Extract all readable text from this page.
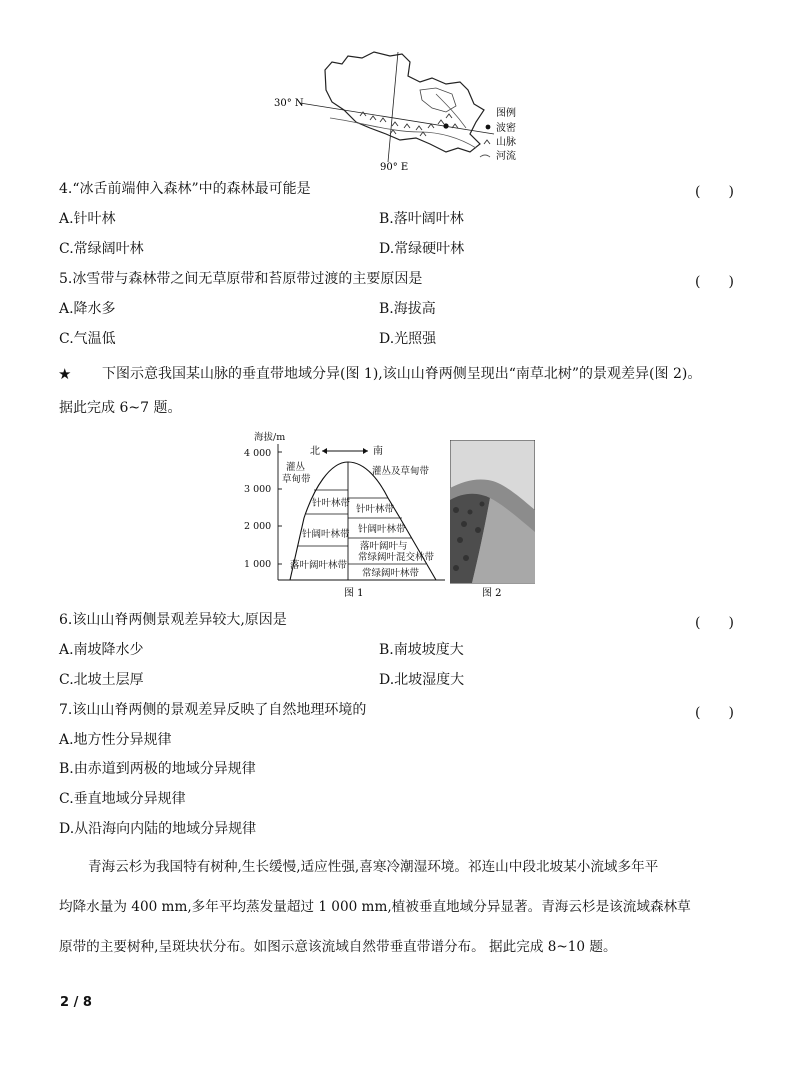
30° N
90° E
图例
波密
山脉
河流
4.“冰舌前端伸入森林”中的森林最可能是	(　　)
A.针叶林	B.落叶阔叶林
C.常绿阔叶林	D.常绿硬叶林
5.冰雪带与森林带之间无草原带和苔原带过渡的主要原因是	(　　)
A.降水多	B.海拔高
C.气温低	D.光照强
★ 下图示意我国某山脉的垂直带地域分异(图 1),该山山脊两侧呈现出“南草北树”的景观差异(图 2)。
据此完成 6~7 题。
海拔/m
4 000
3 000
2 000
1 000
北	南
灌丛
草甸带
针叶林带
针阔叶林带
落叶阔叶林带
灌丛及草甸带
针叶林带
针阔叶林带
落叶阔叶与
常绿阔叶混交林带
常绿阔叶林带
图 1	图 2
6.该山山脊两侧景观差异较大,原因是	(　　)
A.南坡降水少	B.南坡坡度大
C.北坡土层厚	D.北坡湿度大
7.该山山脊两侧的景观差异反映了自然地理环境的	(　　)
A.地方性分异规律
B.由赤道到两极的地域分异规律
C.垂直地域分异规律
D.从沿海向内陆的地域分异规律
青海云杉为我国特有树种,生长缓慢,适应性强,喜寒冷潮湿环境。祁连山中段北坡某小流域多年平
均降水量为 400 mm,多年平均蒸发量超过 1 000 mm,植被垂直地域分异显著。青海云杉是该流域森林草
原带的主要树种,呈斑块状分布。如图示意该流域自然带垂直带谱分布。 据此完成 8~10 题。
2 / 8
